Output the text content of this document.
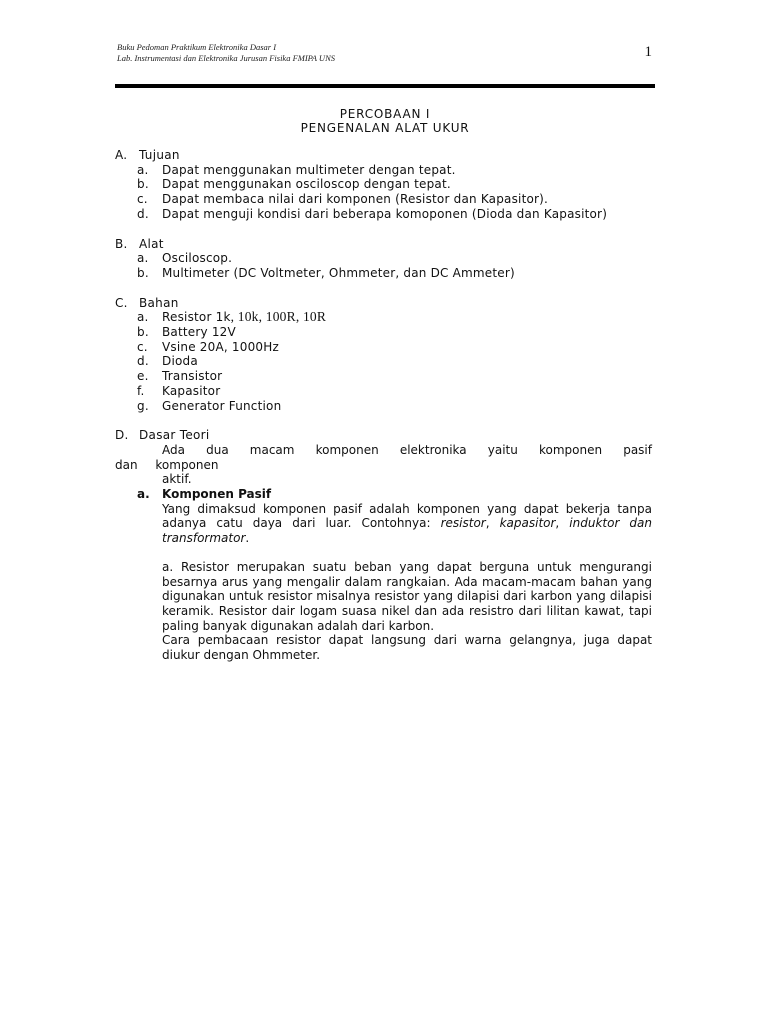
Buku Pedoman Praktikum Elektronika Dasar I
Lab. Instrumentasi dan Elektronika Jurusan Fisika FMIPA UNS	1
PERCOBAAN I
PENGENALAN ALAT UKUR
A. Tujuan
a.	Dapat menggunakan multimeter dengan tepat.
b.	Dapat menggunakan osciloscop dengan tepat.
c.	Dapat membaca nilai dari komponen (Resistor dan Kapasitor).
d.	Dapat menguji kondisi dari beberapa komoponen (Dioda dan Kapasitor)
B. Alat
a.	Osciloscop.
b.	Multimeter (DC Voltmeter, Ohmmeter, dan DC Ammeter)
C. Bahan
a.	Resistor 1k, 10k, 100R, 10R
b.	Battery 12V
c.	Vsine 20A, 1000Hz
d.	Dioda
e.	Transistor
f.	Kapasitor
g.	Generator Function
D. Dasar Teori
Ada dua macam komponen elektronika yaitu komponen pasif dan komponen
aktif.
a. Komponen Pasif
Yang dimaksud komponen pasif adalah komponen yang dapat bekerja tanpa adanya catu daya dari luar. Contohnya: resistor, kapasitor, induktor dan transformator.
a. Resistor merupakan suatu beban yang dapat berguna untuk mengurangi besarnya arus yang mengalir dalam rangkaian. Ada macam-macam bahan yang digunakan untuk resistor misalnya resistor yang dilapisi dari karbon yang dilapisi keramik. Resistor dair logam suasa nikel dan ada resistro dari lilitan kawat, tapi paling banyak digunakan adalah dari karbon.
Cara pembacaan resistor dapat langsung dari warna gelangnya, juga dapat diukur dengan Ohmmeter.
